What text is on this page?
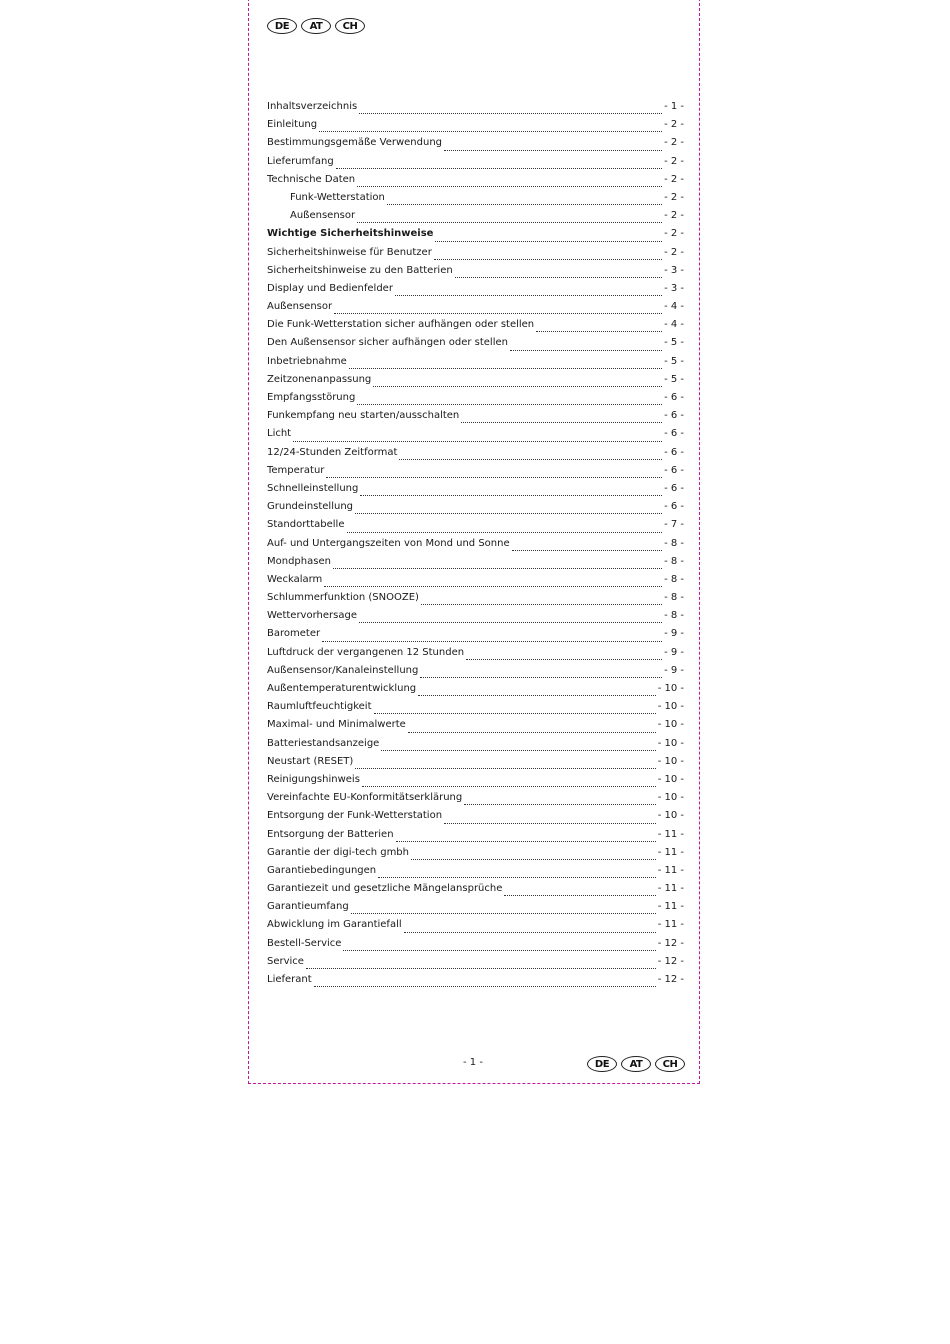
DE	AT	CH
Inhaltsverzeichnis	- 1 -
Einleitung	- 2 -
Bestimmungsgemäße Verwendung	- 2 -
Lieferumfang	- 2 -
Technische Daten	- 2 -
Funk-Wetterstation	- 2 -
Außensensor	- 2 -
Wichtige Sicherheitshinweise	- 2 -
Sicherheitshinweise für Benutzer	- 2 -
Sicherheitshinweise zu den Batterien	- 3 -
Display und Bedienfelder	- 3 -
Außensensor	- 4 -
Die Funk-Wetterstation sicher aufhängen oder stellen	- 4 -
Den Außensensor sicher aufhängen oder stellen	- 5 -
Inbetriebnahme	- 5 -
Zeitzonenanpassung	- 5 -
Empfangsstörung	- 6 -
Funkempfang neu starten/ausschalten	- 6 -
Licht	- 6 -
12/24-Stunden Zeitformat	- 6 -
Temperatur	- 6 -
Schnelleinstellung	- 6 -
Grundeinstellung	- 6 -
Standorttabelle	- 7 -
Auf- und Untergangszeiten von Mond und Sonne	- 8 -
Mondphasen	- 8 -
Weckalarm	- 8 -
Schlummerfunktion (SNOOZE)	- 8 -
Wettervorhersage	- 8 -
Barometer	- 9 -
Luftdruck der vergangenen 12 Stunden	- 9 -
Außensensor/Kanaleinstellung	- 9 -
Außentemperaturentwicklung	- 10 -
Raumluftfeuchtigkeit	- 10 -
Maximal- und Minimalwerte	- 10 -
Batteriestandsanzeige	- 10 -
Neustart (RESET)	- 10 -
Reinigungshinweis	- 10 -
Vereinfachte EU-Konformitätserklärung	- 10 -
Entsorgung der Funk-Wetterstation	- 10 -
Entsorgung der Batterien	- 11 -
Garantie der digi-tech gmbh	- 11 -
Garantiebedingungen	- 11 -
Garantiezeit und gesetzliche Mängelansprüche	- 11 -
Garantieumfang	- 11 -
Abwicklung im Garantiefall	- 11 -
Bestell-Service	- 12 -
Service	- 12 -
Lieferant	- 12 -
- 1 -	DE	AT	CH
